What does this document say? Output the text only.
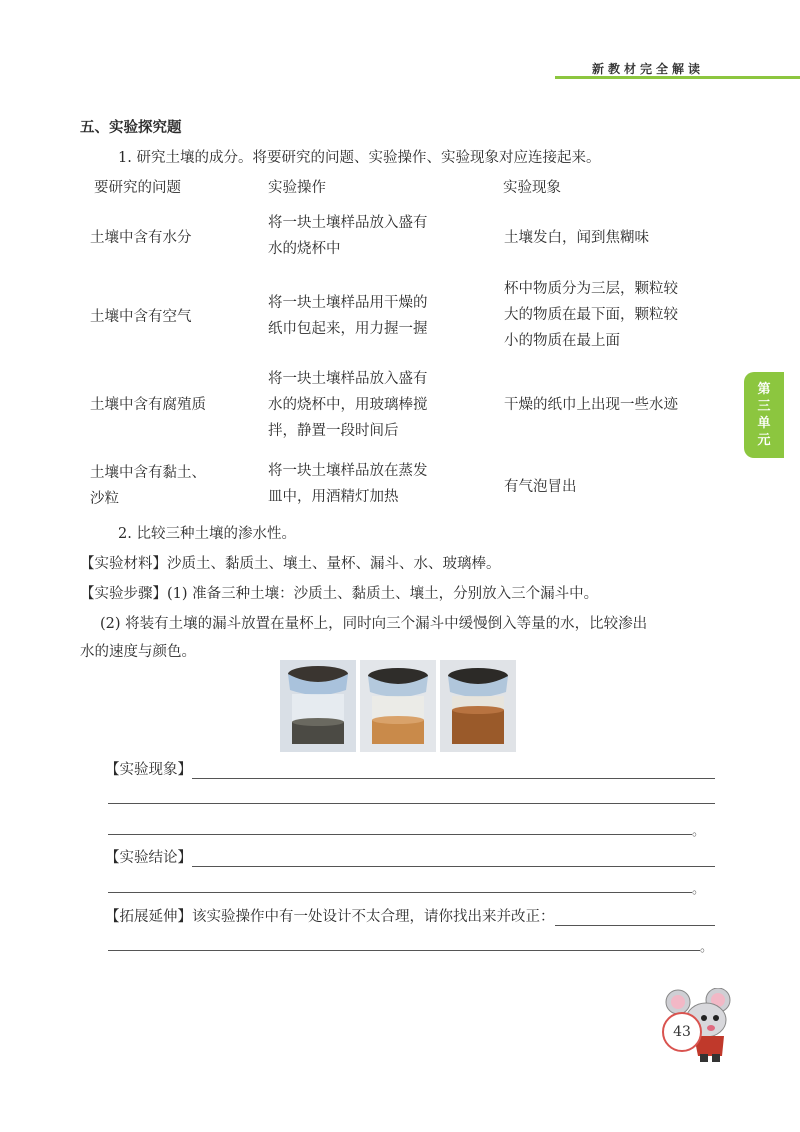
新教材完全解读
第
三
单
元
五、实验探究题
1. 研究土壤的成分。将要研究的问题、实验操作、实验现象对应连接起来。
要研究的问题	实验操作	实验现象
土壤中含有水分
土壤中含有空气
土壤中含有腐殖质
土壤中含有黏土、
沙粒
将一块土壤样品放入盛有
水的烧杯中
将一块土壤样品用干燥的
纸巾包起来，用力握一握
将一块土壤样品放入盛有
水的烧杯中，用玻璃棒搅
拌，静置一段时间后
将一块土壤样品放在蒸发
皿中，用酒精灯加热
土壤发白，闻到焦糊味
杯中物质分为三层，颗粒较
大的物质在最下面，颗粒较
小的物质在最上面
干燥的纸巾上出现一些水迹
有气泡冒出
2. 比较三种土壤的渗水性。
【实验材料】沙质土、黏质土、壤土、量杯、漏斗、水、玻璃棒。
【实验步骤】(1) 准备三种土壤：沙质土、黏质土、壤土，分别放入三个漏斗中。
(2) 将装有土壤的漏斗放置在量杯上，同时向三个漏斗中缓慢倒入等量的水，比较渗出
水的速度与颜色。
【实验现象】
。
【实验结论】
。
【拓展延伸】该实验操作中有一处设计不太合理，请你找出来并改正：
。
43
